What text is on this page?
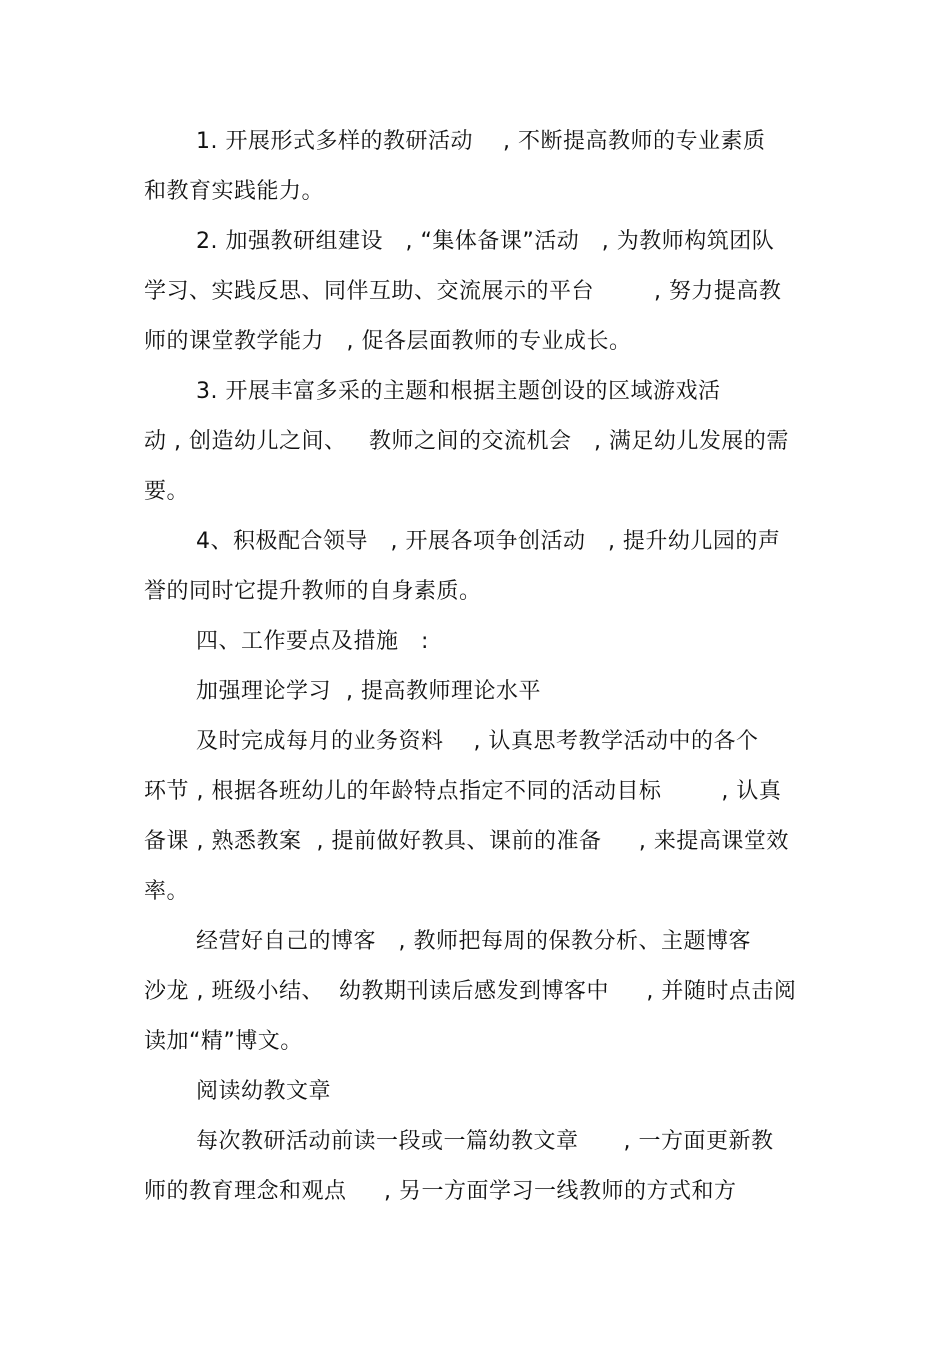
1. 开展形式多样的教研活动    , 不断提高教师的专业素质
和教育实践能力。
2. 加强教研组建设   , “集体备课”活动   , 为教师构筑团队
学习、实践反思、同伴互助、交流展示的平台        , 努力提高教
师的课堂教学能力   , 促各层面教师的专业成长。
3. 开展丰富多采的主题和根据主题创设的区域游戏活
动 , 创造幼儿之间、   教师之间的交流机会   , 满足幼儿发展的需
要。
4、积极配合领导   , 开展各项争创活动   , 提升幼儿园的声
誉的同时它提升教师的自身素质。
四、工作要点及措施   :
加强理论学习  , 提高教师理论水平
及时完成每月的业务资料    , 认真思考教学活动中的各个
环节 , 根据各班幼儿的年龄特点指定不同的活动目标        , 认真
备课 , 熟悉教案  , 提前做好教具、课前的准备     , 来提高课堂效
率。
经营好自己的博客   , 教师把每周的保教分析、主题博客
沙龙 , 班级小结、  幼教期刊读后感发到博客中     , 并随时点击阅
读加“精”博文。
阅读幼教文章
每次教研活动前读一段或一篇幼教文章      , 一方面更新教
师的教育理念和观点     , 另一方面学习一线教师的方式和方
